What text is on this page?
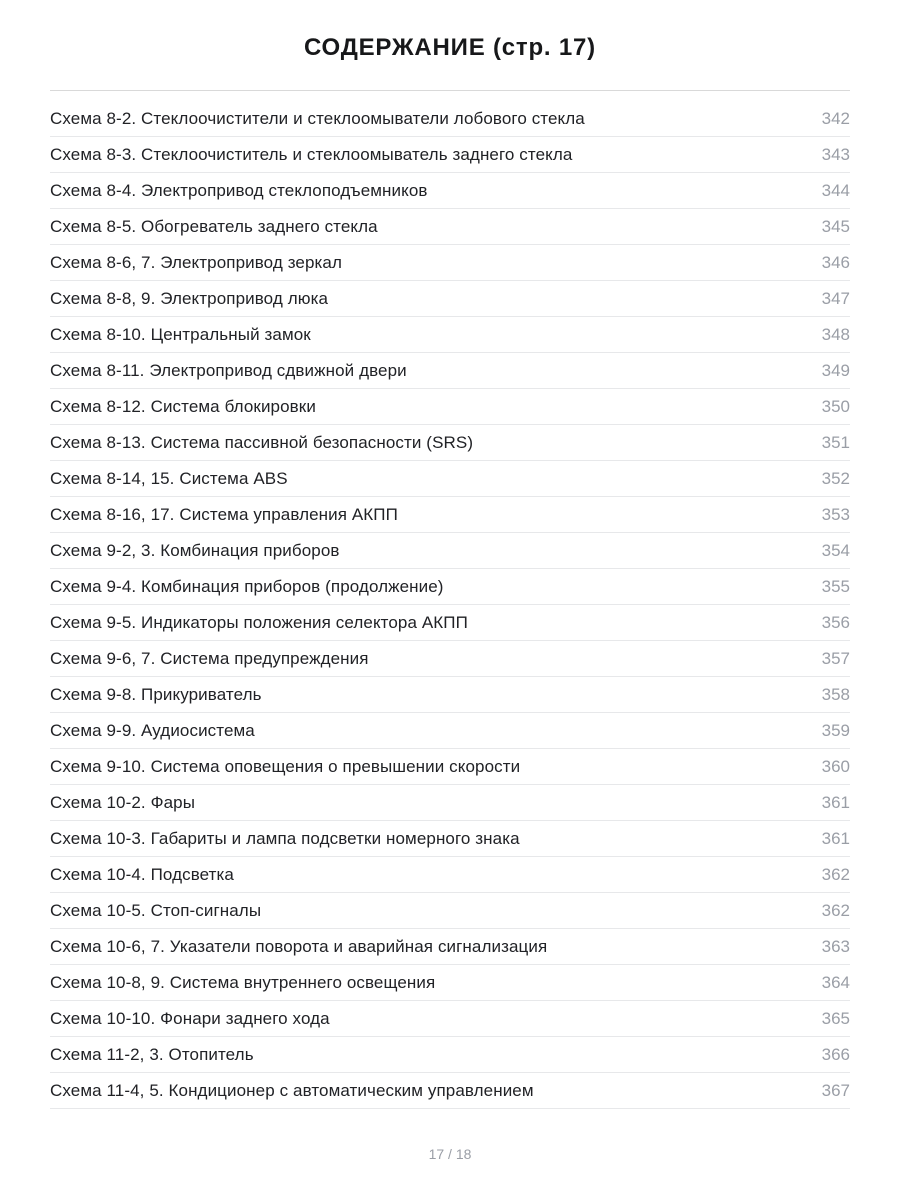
СОДЕРЖАНИЕ (стр. 17)
Схема 8-2. Стеклоочистители и стеклоомыватели лобового стекла	342
Схема 8-3. Стеклоочиститель и стеклоомыватель заднего стекла	343
Схема 8-4. Электропривод стеклоподъемников	344
Схема 8-5. Обогреватель заднего стекла	345
Схема 8-6, 7. Электропривод зеркал	346
Схема 8-8, 9. Электропривод люка	347
Схема 8-10. Центральный замок	348
Схема 8-11. Электропривод сдвижной двери	349
Схема 8-12. Система блокировки	350
Схема 8-13. Система пассивной безопасности (SRS)	351
Схема 8-14, 15. Система ABS	352
Схема 8-16, 17. Система управления АКПП	353
Схема 9-2, 3. Комбинация приборов	354
Схема 9-4. Комбинация приборов (продолжение)	355
Схема 9-5. Индикаторы положения селектора АКПП	356
Схема 9-6, 7. Система предупреждения	357
Схема 9-8. Прикуриватель	358
Схема 9-9. Аудиосистема	359
Схема 9-10. Система оповещения о превышении скорости	360
Схема 10-2. Фары	361
Схема 10-3. Габариты и лампа подсветки номерного знака	361
Схема 10-4. Подсветка	362
Схема 10-5. Стоп-сигналы	362
Схема 10-6, 7. Указатели поворота и аварийная сигнализация	363
Схема 10-8, 9. Система внутреннего освещения	364
Схема 10-10. Фонари заднего хода	365
Схема 11-2, 3. Отопитель	366
Схема 11-4, 5. Кондиционер с автоматическим управлением	367
17 / 18
